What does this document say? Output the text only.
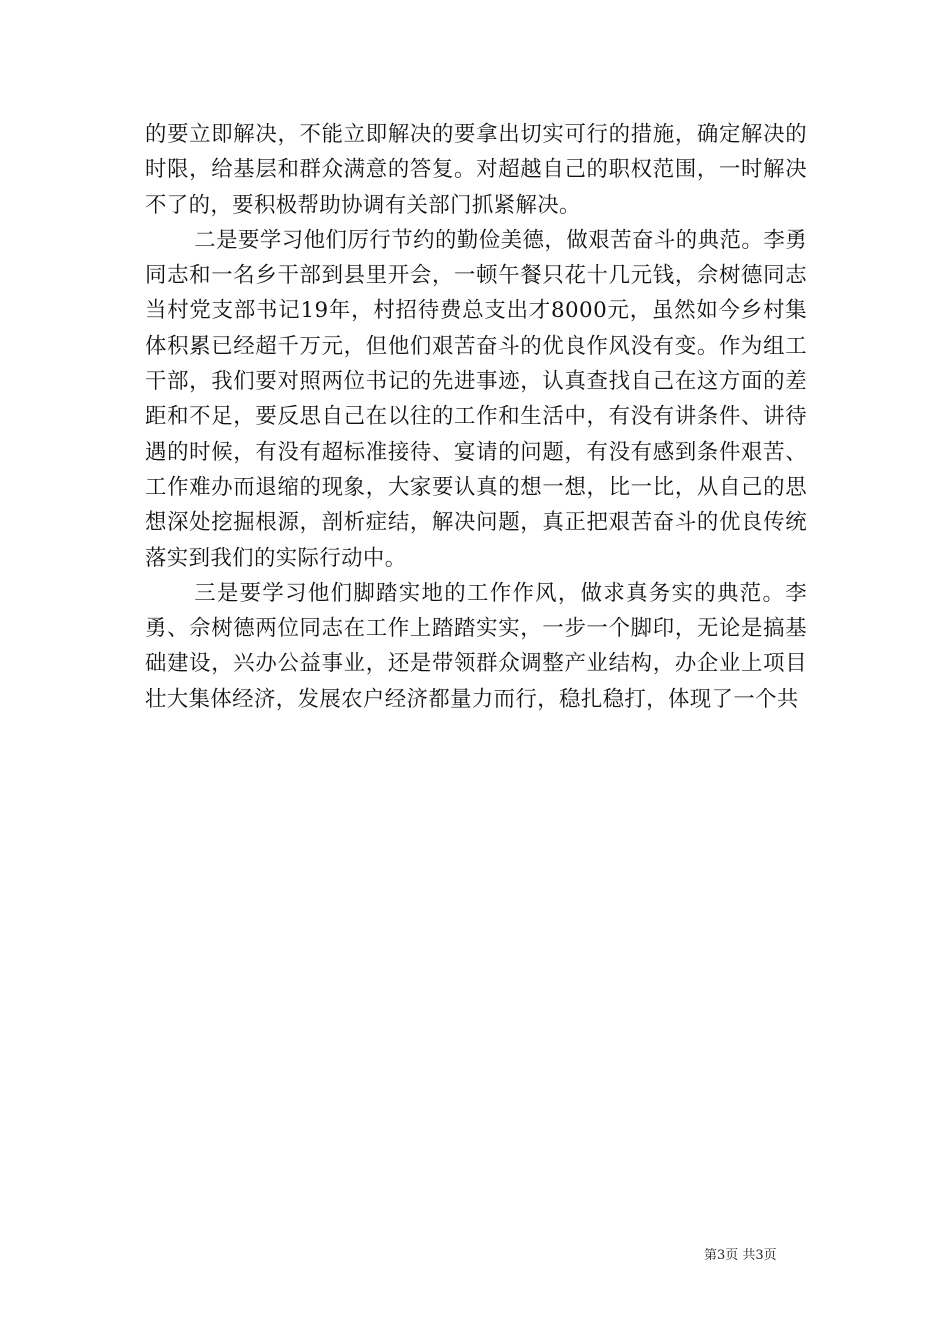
的要立即解决，不能立即解决的要拿出切实可行的措施，确定解决的时限，给基层和群众满意的答复。对超越自己的职权范围，一时解决不了的，要积极帮助协调有关部门抓紧解决。

二是要学习他们厉行节约的勤俭美德，做艰苦奋斗的典范。李勇同志和一名乡干部到县里开会，一顿午餐只花十几元钱，佘树德同志当村党支部书记19年，村招待费总支出才8000元，虽然如今乡村集体积累已经超千万元，但他们艰苦奋斗的优良作风没有变。作为组工干部，我们要对照两位书记的先进事迹，认真查找自己在这方面的差距和不足，要反思自己在以往的工作和生活中，有没有讲条件、讲待遇的时候，有没有超标准接待、宴请的问题，有没有感到条件艰苦、工作难办而退缩的现象，大家要认真的想一想，比一比，从自己的思想深处挖掘根源，剖析症结，解决问题，真正把艰苦奋斗的优良传统落实到我们的实际行动中。

三是要学习他们脚踏实地的工作作风，做求真务实的典范。李勇、佘树德两位同志在工作上踏踏实实，一步一个脚印，无论是搞基础建设，兴办公益事业，还是带领群众调整产业结构，办企业上项目壮大集体经济，发展农户经济都量力而行，稳扎稳打，体现了一个共

第3页 共3页
